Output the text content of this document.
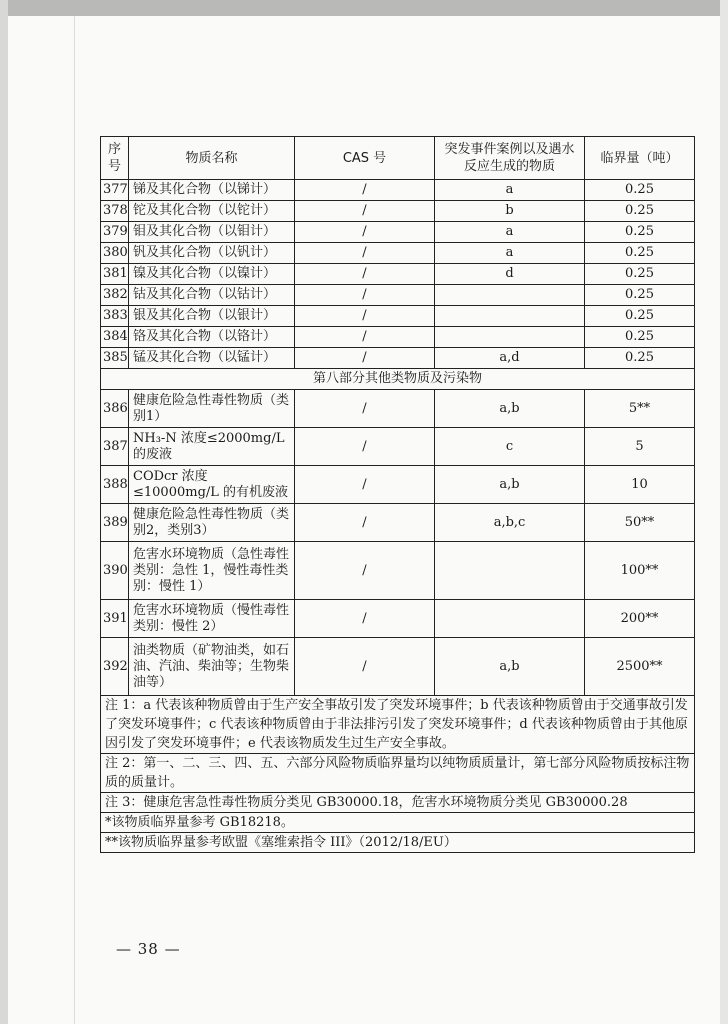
序号	物质名称	CAS 号	突发事件案例以及遇水反应生成的物质	临界量（吨）
377	锑及其化合物（以锑计）	/	a	0.25
378	铊及其化合物（以铊计）	/	b	0.25
379	钼及其化合物（以钼计）	/	a	0.25
380	钒及其化合物（以钒计）	/	a	0.25
381	镍及其化合物（以镍计）	/	d	0.25
382	钴及其化合物（以钴计）	/		0.25
383	银及其化合物（以银计）	/		0.25
384	铬及其化合物（以铬计）	/		0.25
385	锰及其化合物（以锰计）	/	a,d	0.25
第八部分其他类物质及污染物				
386	健康危险急性毒性物质（类别1）	/	a,b	5**
387	NH₃-N 浓度≤2000mg/L 的废液	/	c	5
388	CODcr 浓度≤10000mg/L 的有机废液	/	a,b	10
389	健康危险急性毒性物质（类别2，类别3）	/	a,b,c	50**
390	危害水环境物质（急性毒性类别：急性 1，慢性毒性类别：慢性 1）	/		100**
391	危害水环境物质（慢性毒性类别：慢性 2）	/		200**
392	油类物质（矿物油类，如石油、汽油、柴油等；生物柴油等）	/	a,b	2500**
注 1：a 代表该种物质曾由于生产安全事故引发了突发环境事件；b 代表该种物质曾由于交通事故引发了突发环境事件；c 代表该种物质曾由于非法排污引发了突发环境事件；d 代表该种物质曾由于其他原因引发了突发环境事件；e 代表该物质发生过生产安全事故。				
注 2：第一、二、三、四、五、六部分风险物质临界量均以纯物质质量计，第七部分风险物质按标注物质的质量计。				
注 3：健康危害急性毒性物质分类见 GB30000.18，危害水环境物质分类见 GB30000.28				
*该物质临界量参考 GB18218。				
**该物质临界量参考欧盟《塞维索指令 III》（2012/18/EU）				
— 38 —
